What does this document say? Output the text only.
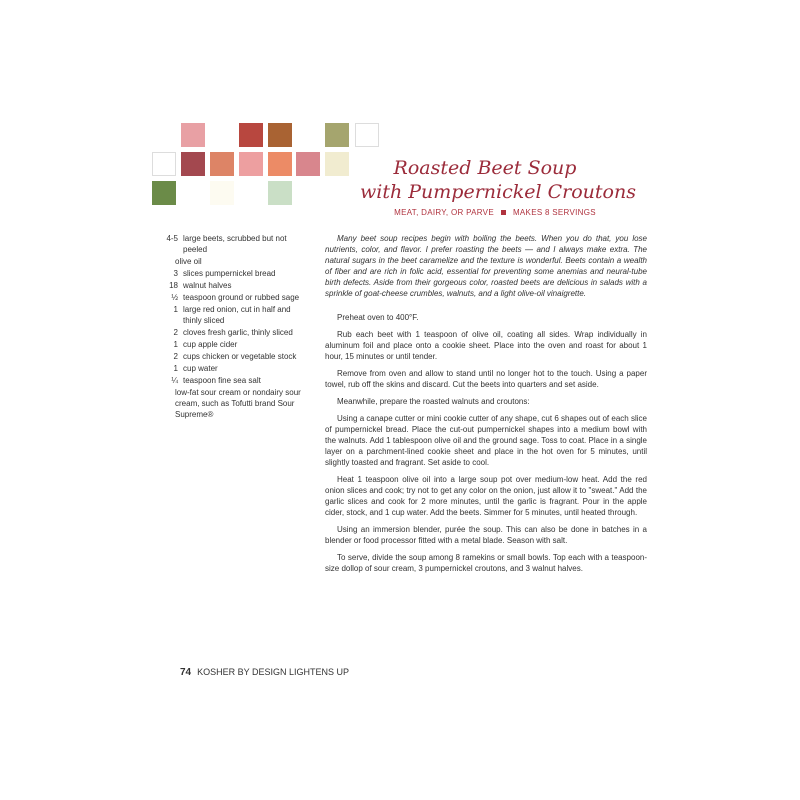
Roasted Beet Soup
with Pumpernickel Croutons
MEAT, DAIRY, OR PARVE MAKES 8 SERVINGS
4-5 large beets, scrubbed but not peeled
olive oil
3 slices pumpernickel bread
18 walnut halves
½ teaspoon ground or rubbed sage
1 large red onion, cut in half and thinly sliced
2 cloves fresh garlic, thinly sliced
1 cup apple cider
2 cups chicken or vegetable stock
1 cup water
¼ teaspoon fine sea salt
low-fat sour cream or nondairy sour cream, such as Tofutti brand Sour Supreme®

Many beet soup recipes begin with boiling the beets. When you do that, you lose nutrients, color, and flavor. I prefer roasting the beets — and I always make extra. The natural sugars in the beet caramelize and the texture is wonderful. Beets contain a wealth of fiber and are rich in folic acid, essential for preventing some anemias and neural-tube birth defects. Aside from their gorgeous color, roasted beets are delicious in salads with a sprinkle of goat-cheese crumbles, walnuts, and a light olive-oil vinaigrette.

Preheat oven to 400°F.

Rub each beet with 1 teaspoon of olive oil, coating all sides. Wrap individually in aluminum foil and place onto a cookie sheet. Place into the oven and roast for about 1 hour, 15 minutes or until tender.

Remove from oven and allow to stand until no longer hot to the touch. Using a paper towel, rub off the skins and discard. Cut the beets into quarters and set aside.

Meanwhile, prepare the roasted walnuts and croutons:

Using a canape cutter or mini cookie cutter of any shape, cut 6 shapes out of each slice of pumpernickel bread. Place the cut-out pumpernickel shapes into a medium bowl with the walnuts. Add 1 tablespoon olive oil and the ground sage. Toss to coat. Place in a single layer on a parchment-lined cookie sheet and place in the hot oven for 5 minutes, until slightly toasted and fragrant. Set aside to cool.

Heat 1 teaspoon olive oil into a large soup pot over medium-low heat. Add the red onion slices and cook; try not to get any color on the onion, just allow it to "sweat." Add the garlic slices and cook for 2 more minutes, until the garlic is fragrant. Pour in the apple cider, stock, and 1 cup water. Add the beets. Simmer for 5 minutes, until heated through.

Using an immersion blender, purée the soup. This can also be done in batches in a blender or food processor fitted with a metal blade. Season with salt.

To serve, divide the soup among 8 ramekins or small bowls. Top each with a teaspoon-size dollop of sour cream, 3 pumpernickel croutons, and 3 walnut halves.

74 KOSHER BY DESIGN LIGHTENS UP
